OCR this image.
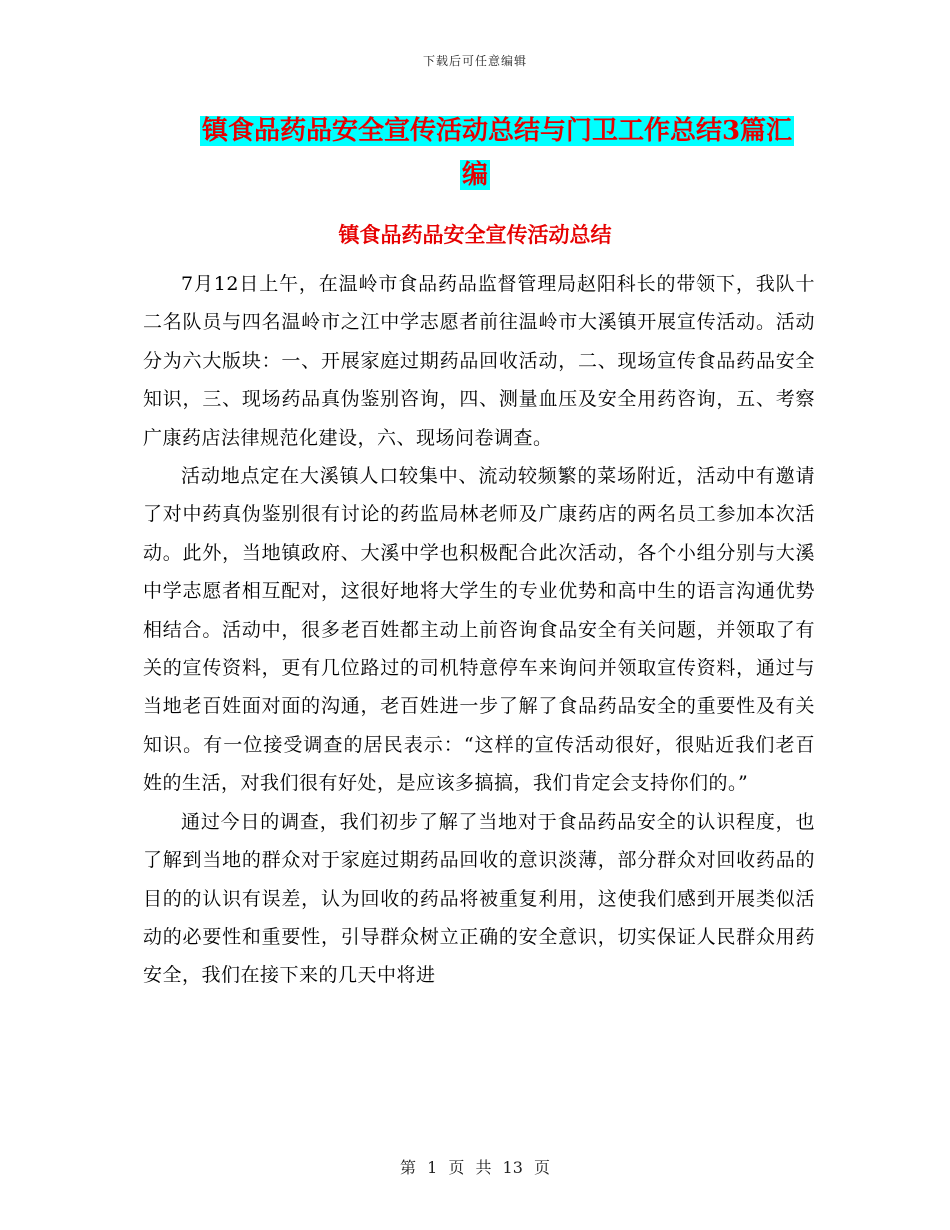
下载后可任意编辑
镇食品药品安全宣传活动总结与门卫工作总结3篇汇
编
镇食品药品安全宣传活动总结

7月12日上午，在温岭市食品药品监督管理局赵阳科长的带领下，我队十二名队员与四名温岭市之江中学志愿者前往温岭市大溪镇开展宣传活动。活动分为六大版块：一、开展家庭过期药品回收活动，二、现场宣传食品药品安全知识，三、现场药品真伪鉴别咨询，四、测量血压及安全用药咨询，五、考察广康药店法律规范化建设，六、现场问卷调查。

活动地点定在大溪镇人口较集中、流动较频繁的菜场附近，活动中有邀请了对中药真伪鉴别很有讨论的药监局林老师及广康药店的两名员工参加本次活动。此外，当地镇政府、大溪中学也积极配合此次活动，各个小组分别与大溪中学志愿者相互配对，这很好地将大学生的专业优势和高中生的语言沟通优势相结合。活动中，很多老百姓都主动上前咨询食品安全有关问题，并领取了有关的宣传资料，更有几位路过的司机特意停车来询问并领取宣传资料，通过与当地老百姓面对面的沟通，老百姓进一步了解了食品药品安全的重要性及有关知识。有一位接受调查的居民表示：“这样的宣传活动很好，很贴近我们老百姓的生活，对我们很有好处，是应该多搞搞，我们肯定会支持你们的。”

通过今日的调查，我们初步了解了当地对于食品药品安全的认识程度，也了解到当地的群众对于家庭过期药品回收的意识淡薄，部分群众对回收药品的目的的认识有误差，认为回收的药品将被重复利用，这使我们感到开展类似活动的必要性和重要性，引导群众树立正确的安全意识，切实保证人民群众用药安全，我们在接下来的几天中将进

第 1 页 共 13 页
